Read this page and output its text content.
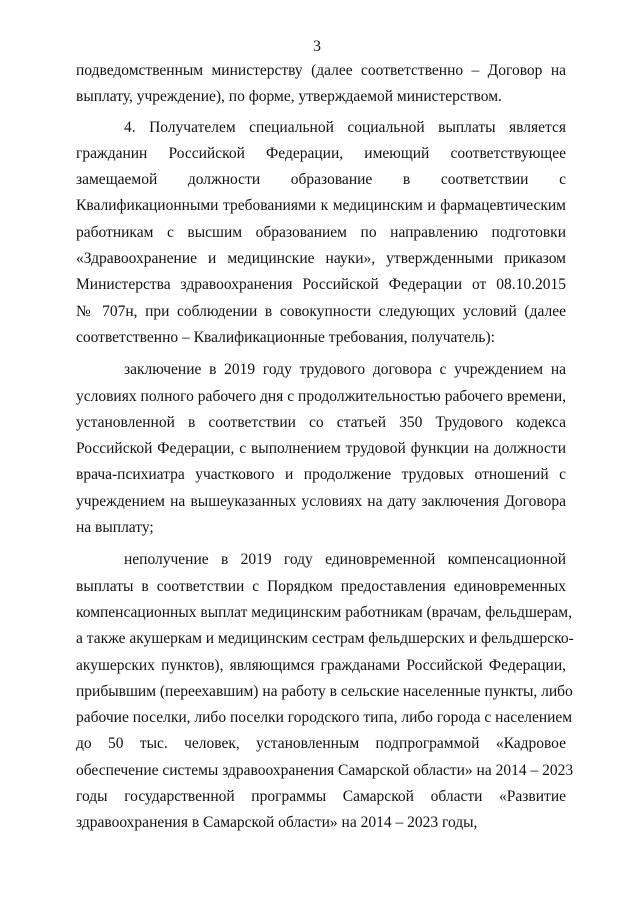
3
подведомственным министерству (далее соответственно – Договор на
выплату, учреждение), по форме, утверждаемой министерством.
4. Получателем специальной социальной выплаты является
гражданин Российской Федерации, имеющий соответствующее
замещаемой должности образование в соответствии с
Квалификационными требованиями к медицинским и фармацевтическим
работникам с высшим образованием по направлению подготовки
«Здравоохранение и медицинские науки», утвержденными приказом
Министерства здравоохранения Российской Федерации от 08.10.2015
№ 707н, при соблюдении в совокупности следующих условий (далее
соответственно – Квалификационные требования, получатель):
заключение в 2019 году трудового договора с учреждением на
условиях полного рабочего дня с продолжительностью рабочего времени,
установленной в соответствии со статьей 350 Трудового кодекса
Российской Федерации, с выполнением трудовой функции на должности
врача-психиатра участкового и продолжение трудовых отношений с
учреждением на вышеуказанных условиях на дату заключения Договора
на выплату;
неполучение в 2019 году единовременной компенсационной
выплаты в соответствии с Порядком предоставления единовременных
компенсационных выплат медицинским работникам (врачам, фельдшерам,
а также акушеркам и медицинским сестрам фельдшерских и фельдшерско-
акушерских пунктов), являющимся гражданами Российской Федерации,
прибывшим (переехавшим) на работу в сельские населенные пункты, либо
рабочие поселки, либо поселки городского типа, либо города с населением
до 50 тыс. человек, установленным подпрограммой «Кадровое
обеспечение системы здравоохранения Самарской области» на 2014 – 2023
годы государственной программы Самарской области «Развитие
здравоохранения в Самарской области» на 2014 – 2023 годы,
